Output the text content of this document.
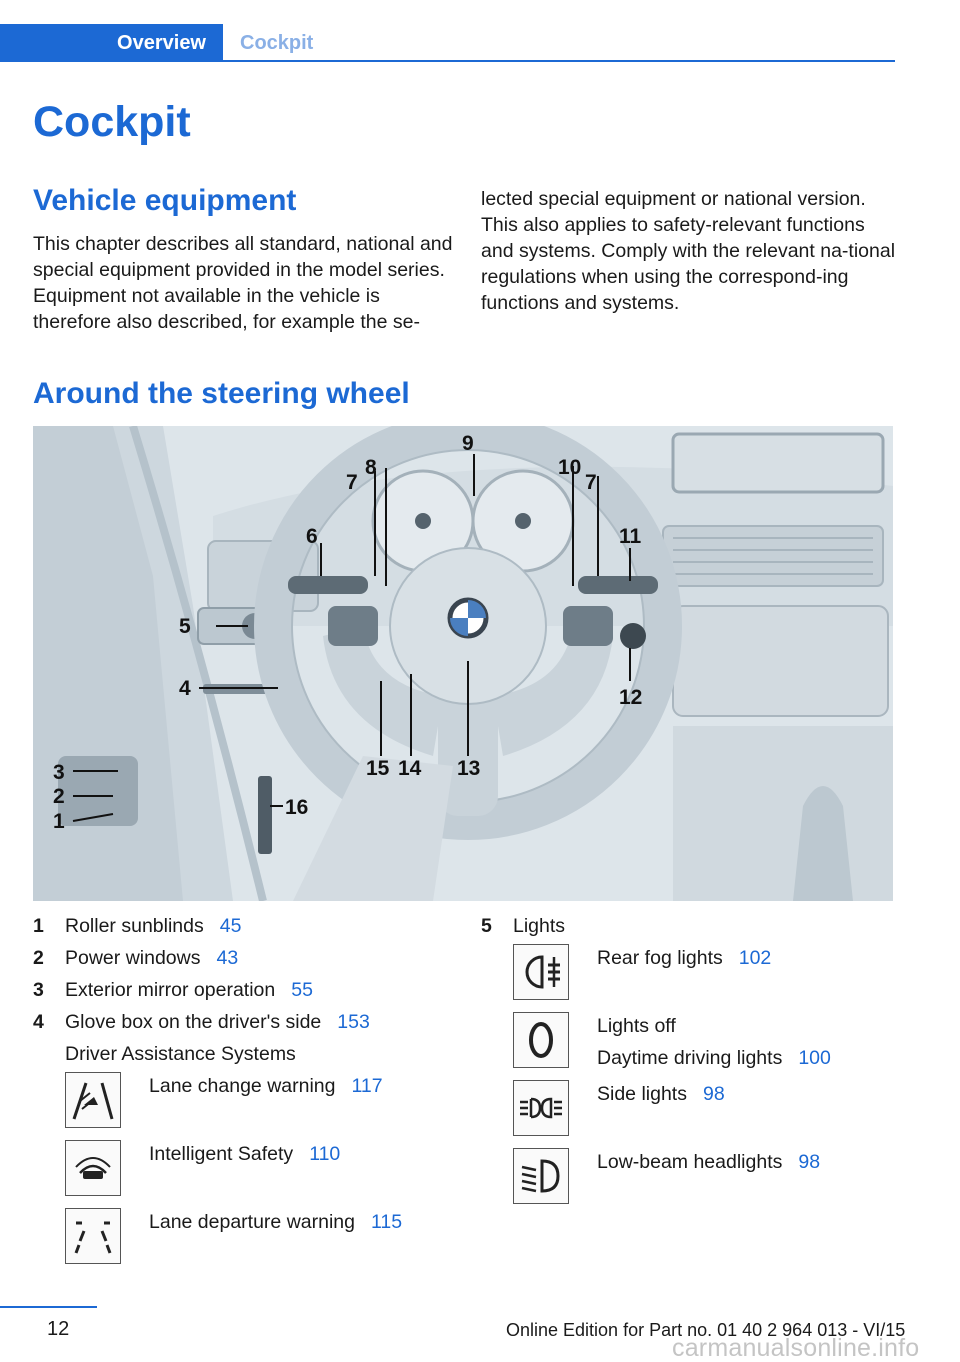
Overview	Cockpit
Cockpit
Vehicle equipment
This chapter describes all standard, national and special equipment provided in the model series. Equipment not available in the vehicle is therefore also described, for example the se-
lected special equipment or national version. This also applies to safety-relevant functions and systems. Comply with the relevant na-tional regulations when using the correspond-ing functions and systems.
Around the steering wheel
9
7
8	10
7
6	11
5
4	12
13
14
15
3
2
1
16
1	Roller sunblinds 45
2	Power windows 43
3	Exterior mirror operation 55
4	Glove box on the driver's side 153
Driver Assistance Systems
Lane change warning 117
Intelligent Safety 110
Lane departure warning 115
5	Lights
Rear fog lights 102
Lights off
Daytime driving lights 100
Side lights 98
Low-beam headlights 98
12	Online Edition for Part no. 01 40 2 964 013 - VI/15
carmanualsonline.info
